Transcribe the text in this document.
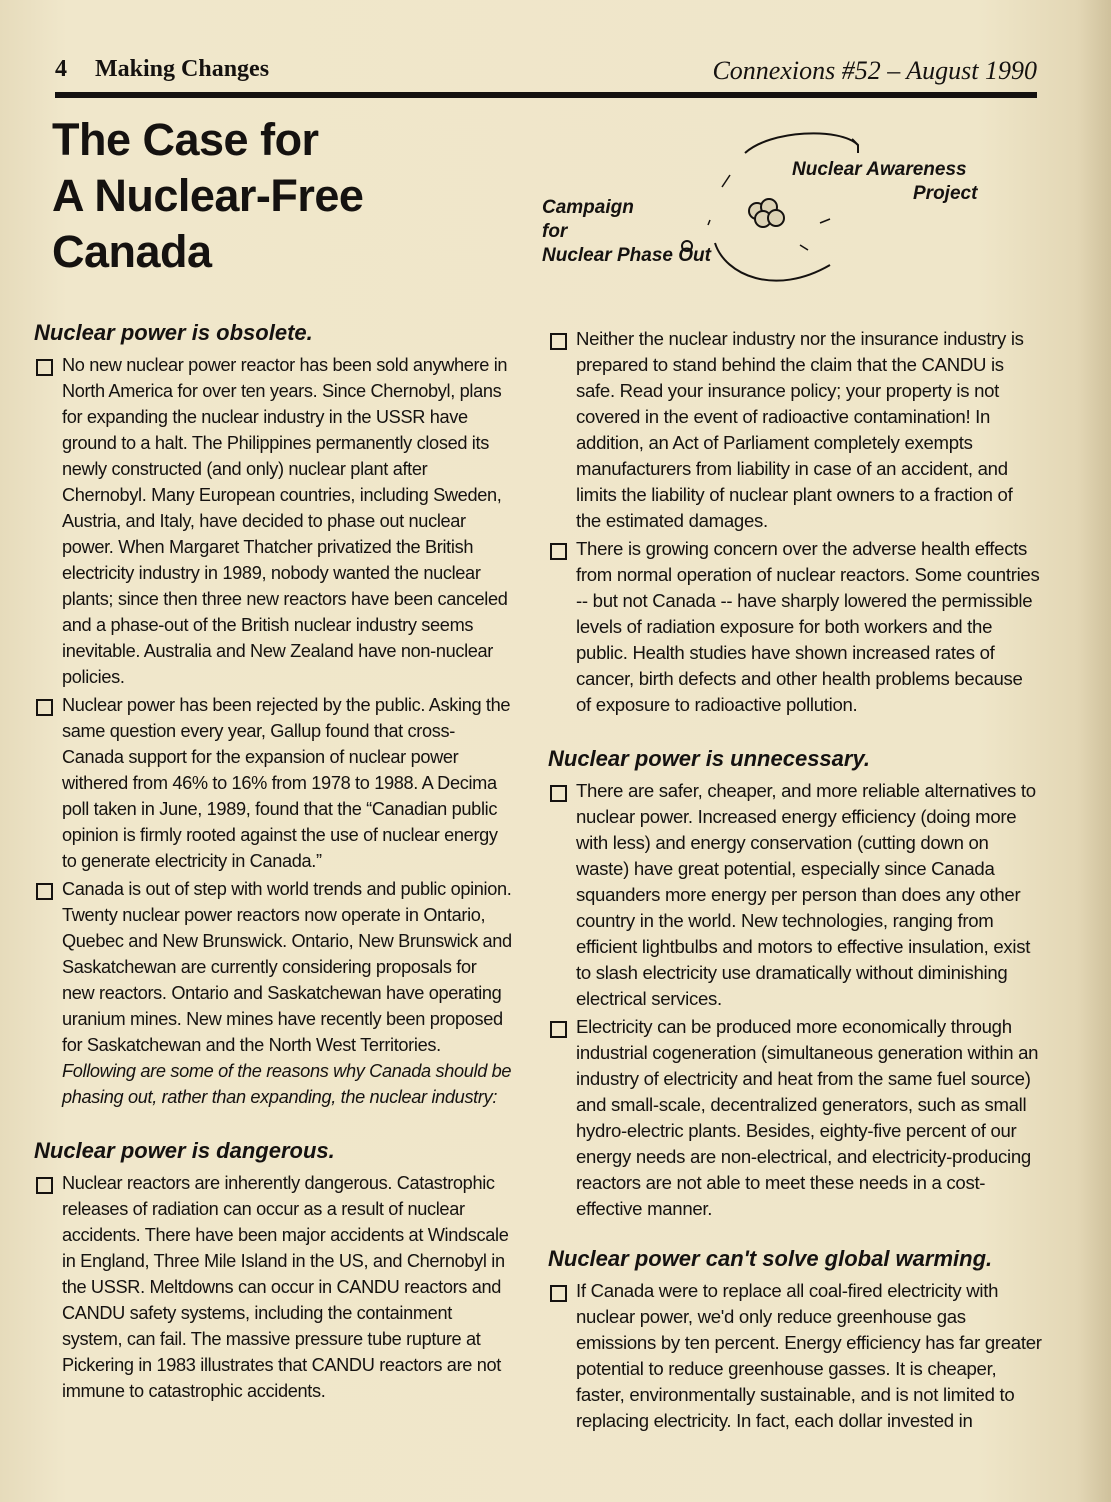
4 Making Changes	Connexions #52 – August 1990
The Case for
A Nuclear-Free
Canada
Nuclear Awareness
Project
Campaign
for
Nuclear Phase Out
Nuclear power is obsolete.

No new nuclear power reactor has been sold anywhere in North America for over ten years. Since Chernobyl, plans for expanding the nuclear industry in the USSR have ground to a halt. The Philippines permanently closed its newly constructed (and only) nuclear plant after Chernobyl. Many European countries, including Sweden, Austria, and Italy, have decided to phase out nuclear power. When Margaret Thatcher privatized the British electricity industry in 1989, nobody wanted the nuclear plants; since then three new reactors have been canceled and a phase-out of the British nuclear industry seems inevitable. Australia and New Zealand have non-nuclear policies.

Nuclear power has been rejected by the public. Asking the same question every year, Gallup found that cross-Canada support for the expansion of nuclear power withered from 46% to 16% from 1978 to 1988. A Decima poll taken in June, 1989, found that the “Canadian public opinion is firmly rooted against the use of nuclear energy to generate electricity in Canada.”

Canada is out of step with world trends and public opinion. Twenty nuclear power reactors now operate in Ontario, Quebec and New Brunswick. Ontario, New Brunswick and Saskatchewan are currently considering proposals for new reactors. Ontario and Saskatchewan have operating uranium mines. New mines have recently been proposed for Saskatchewan and the North West Territories. Following are some of the reasons why Canada should be phasing out, rather than expanding, the nuclear industry:

Nuclear power is dangerous.

Nuclear reactors are inherently dangerous. Catastrophic releases of radiation can occur as a result of nuclear accidents. There have been major accidents at Windscale in England, Three Mile Island in the US, and Chernobyl in the USSR. Meltdowns can occur in CANDU reactors and CANDU safety systems, including the containment system, can fail. The massive pressure tube rupture at Pickering in 1983 illustrates that CANDU reactors are not immune to catastrophic accidents.

Neither the nuclear industry nor the insurance industry is prepared to stand behind the claim that the CANDU is safe. Read your insurance policy; your property is not covered in the event of radioactive contamination! In addition, an Act of Parliament completely exempts manufacturers from liability in case of an accident, and limits the liability of nuclear plant owners to a fraction of the estimated damages.

There is growing concern over the adverse health effects from normal operation of nuclear reactors. Some countries -- but not Canada -- have sharply lowered the permissible levels of radiation exposure for both workers and the public. Health studies have shown increased rates of cancer, birth defects and other health problems because of exposure to radioactive pollution.

Nuclear power is unnecessary.

There are safer, cheaper, and more reliable alternatives to nuclear power. Increased energy efficiency (doing more with less) and energy conservation (cutting down on waste) have great potential, especially since Canada squanders more energy per person than does any other country in the world. New technologies, ranging from efficient lightbulbs and motors to effective insulation, exist to slash electricity use dramatically without diminishing electrical services.

Electricity can be produced more economically through industrial cogeneration (simultaneous generation within an industry of electricity and heat from the same fuel source) and small-scale, decentralized generators, such as small hydro-electric plants. Besides, eighty-five percent of our energy needs are non-electrical, and electricity-producing reactors are not able to meet these needs in a cost-effective manner.

Nuclear power can't solve global warming.

If Canada were to replace all coal-fired electricity with nuclear power, we'd only reduce greenhouse gas emissions by ten percent. Energy efficiency has far greater potential to reduce greenhouse gasses. It is cheaper, faster, environmentally sustainable, and is not limited to replacing electricity. In fact, each dollar invested in
